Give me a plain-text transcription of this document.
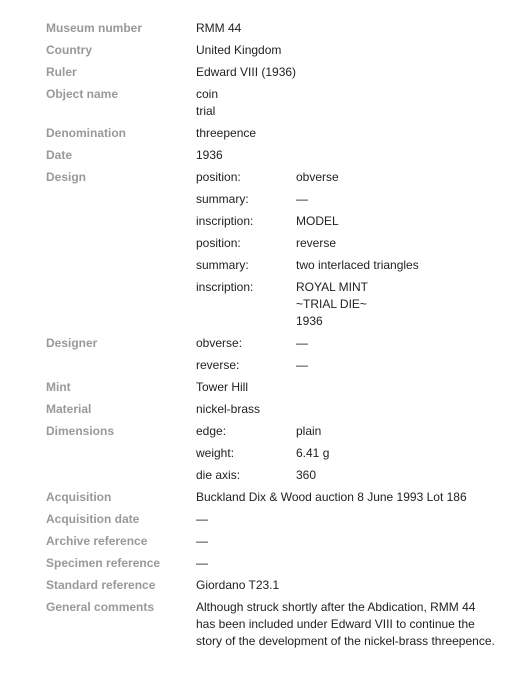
Museum number	RMM 44
Country	United Kingdom
Ruler	Edward VIII (1936)
Object name	coin
trial
Denomination	threepence
Date	1936
Design	position:	obverse
summary:	—
inscription:	MODEL
position:	reverse
summary:	two interlaced triangles
inscription:	ROYAL MINT
~TRIAL DIE~
1936
Designer	obverse:	—
reverse:	—
Mint	Tower Hill
Material	nickel-brass
Dimensions	edge:	plain
weight:	6.41 g
die axis:	360
Acquisition	Buckland Dix & Wood auction 8 June 1993 Lot 186
Acquisition date	—
Archive reference	—
Specimen reference	—
Standard reference	Giordano T23.1
General comments	Although struck shortly after the Abdication, RMM 44
has been included under Edward VIII to continue the
story of the development of the nickel-brass threepence.
